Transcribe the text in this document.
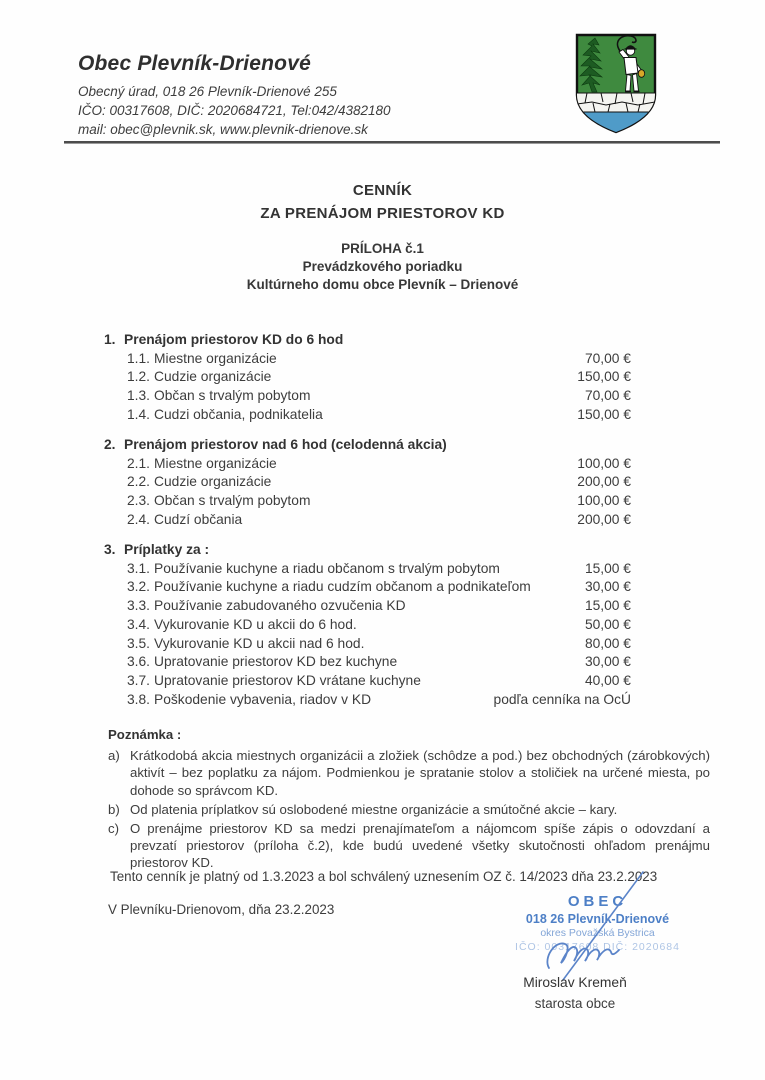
Obec Plevník-Drienové
Obecný úrad, 018 26 Plevník-Drienové 255
IČO: 00317608, DIČ: 2020684721, Tel:042/4382180
mail: obec@plevnik.sk, www.plevnik-drienove.sk
CENNÍK
ZA PRENÁJOM PRIESTOROV KD
PRÍLOHA č.1
Prevádzkového poriadku
Kultúrneho domu obce Plevník – Drienové
1. Prenájom priestorov KD do 6 hod
1.1. Miestne organizácie	70,00 €
1.2. Cudzie organizácie	150,00 €
1.3. Občan s trvalým pobytom	70,00 €
1.4. Cudzi občania, podnikatelia	150,00 €
2. Prenájom priestorov nad 6 hod (celodenná akcia)
2.1. Miestne organizácie	100,00 €
2.2. Cudzie organizácie	200,00 €
2.3. Občan s trvalým pobytom	100,00 €
2.4. Cudzí občania	200,00 €
3. Príplatky za :
3.1. Používanie kuchyne a riadu občanom s trvalým pobytom	15,00 €
3.2. Používanie kuchyne a riadu cudzím občanom a podnikateľom	30,00 €
3.3. Používanie zabudovaného ozvučenia KD	15,00 €
3.4. Vykurovanie KD u akcii do 6 hod.	50,00 €
3.5. Vykurovanie KD u akcii nad 6 hod.	80,00 €
3.6. Upratovanie priestorov KD bez kuchyne	30,00 €
3.7. Upratovanie priestorov KD vrátane kuchyne	40,00 €
3.8. Poškodenie vybavenia, riadov v KD	podľa cenníka na OcÚ
Poznámka :
a) Krátkodobá akcia miestnych organizácii a zložiek (schôdze a pod.) bez obchodných (zárobkových) aktivít – bez poplatku za nájom. Podmienkou je spratanie stolov a stoličiek na určené miesta, po dohode so správcom KD.
b) Od platenia príplatkov sú oslobodené miestne organizácie a smútočné akcie – kary.
c) O prenájme priestorov KD sa medzi prenajímateľom a nájomcom spíše zápis o odovzdaní a prevzatí priestorov (príloha č.2), kde budú uvedené všetky skutočnosti ohľadom prenájmu priestorov KD.
Tento cenník je platný od 1.3.2023 a bol schválený uznesením OZ č. 14/2023 dňa 23.2.2023
V Plevníku-Drienovom, dňa 23.2.2023	OBEC
018 26 Plevník-Drienové
okres Považská Bystrica
IČO: 00317608 DIČ: 2020684
Miroslav Kremeň
starosta obce
